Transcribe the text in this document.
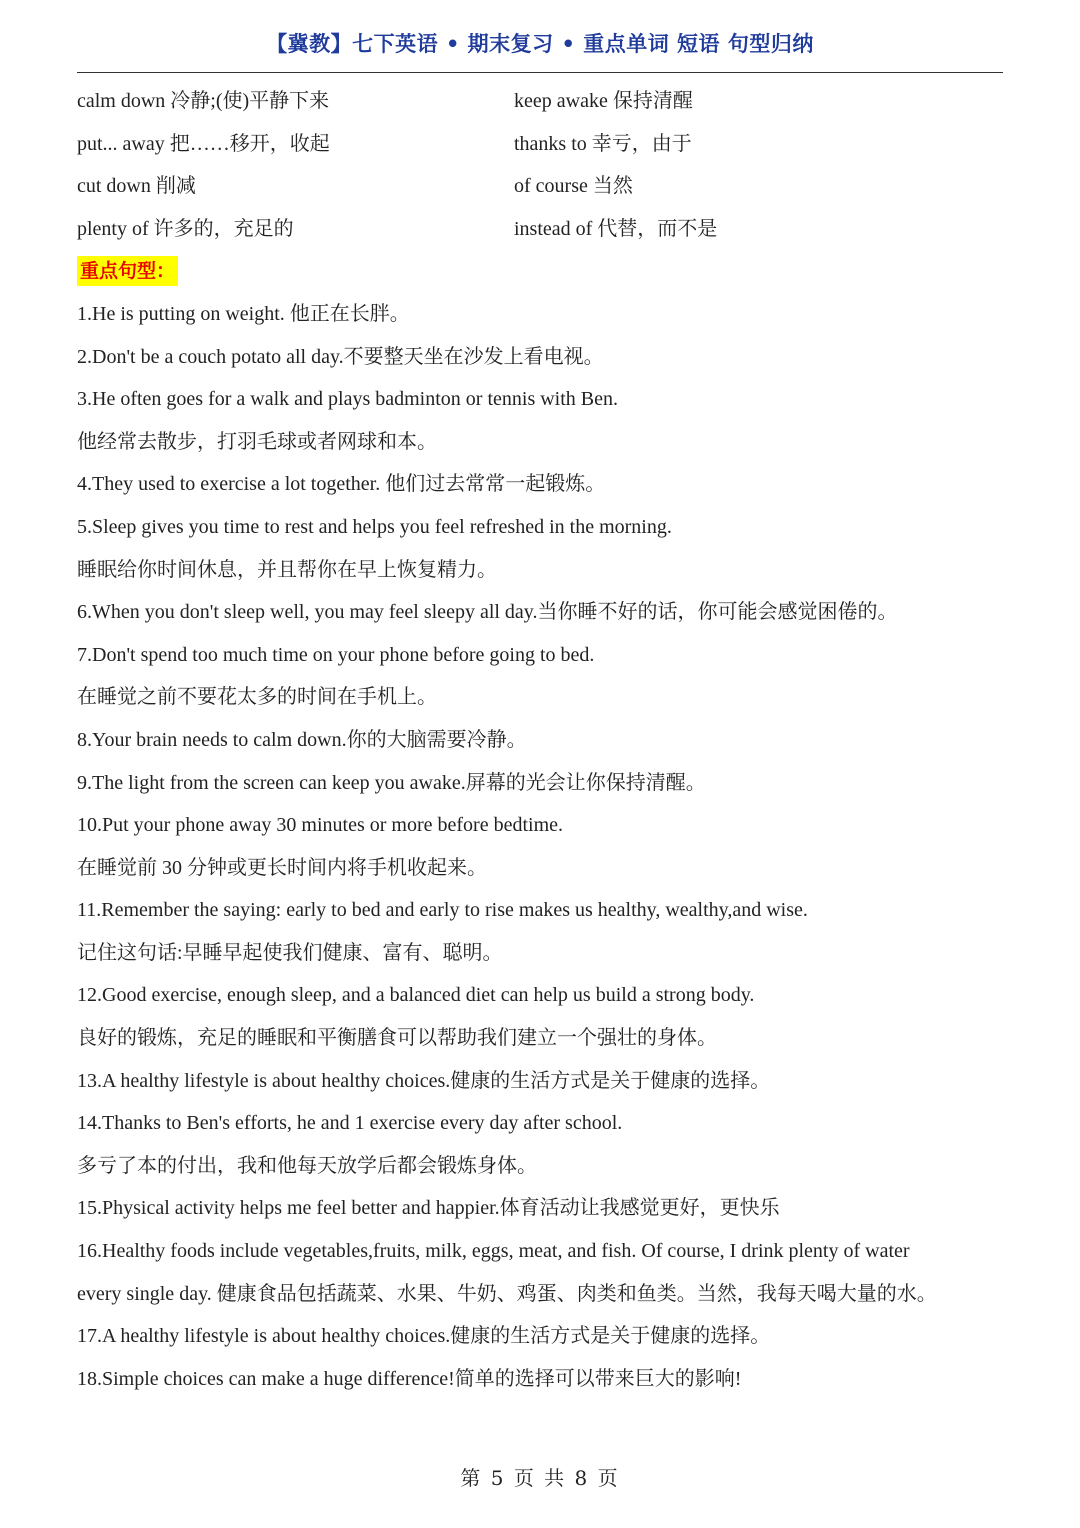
【冀教】七下英语 • 期末复习 • 重点单词 短语 句型归纳
calm down 冷静;(使)平静下来	keep awake 保持清醒
put... away 把……移开，收起	thanks to 幸亏，由于
cut down 削减	of course 当然
plenty of 许多的，充足的	instead of 代替，而不是
重点句型：
1.He is putting on weight. 他正在长胖。
2.Don't be a couch potato all day.不要整天坐在沙发上看电视。
3.He often goes for a walk and plays badminton or tennis with Ben.
他经常去散步，打羽毛球或者网球和本。
4.They used to exercise a lot together. 他们过去常常一起锻炼。
5.Sleep gives you time to rest and helps you feel refreshed in the morning.
睡眠给你时间休息，并且帮你在早上恢复精力。
6.When you don't sleep well, you may feel sleepy all day.当你睡不好的话，你可能会感觉困倦的。
7.Don't spend too much time on your phone before going to bed.
在睡觉之前不要花太多的时间在手机上。
8.Your brain needs to calm down.你的大脑需要冷静。
9.The light from the screen can keep you awake.屏幕的光会让你保持清醒。
10.Put your phone away 30 minutes or more before bedtime.
在睡觉前 30 分钟或更长时间内将手机收起来。
11.Remember the saying: early to bed and early to rise makes us healthy, wealthy,and wise.
记住这句话:早睡早起使我们健康、富有、聪明。
12.Good exercise, enough sleep, and a balanced diet can help us build a strong body.
良好的锻炼，充足的睡眠和平衡膳食可以帮助我们建立一个强壮的身体。
13.A healthy lifestyle is about healthy choices.健康的生活方式是关于健康的选择。
14.Thanks to Ben's efforts, he and 1 exercise every day after school.
多亏了本的付出，我和他每天放学后都会锻炼身体。
15.Physical activity helps me feel better and happier.体育活动让我感觉更好，更快乐
16.Healthy foods include vegetables,fruits, milk, eggs, meat, and fish. Of course, I drink plenty of water
every single day. 健康食品包括蔬菜、水果、牛奶、鸡蛋、肉类和鱼类。当然，我每天喝大量的水。
17.A healthy lifestyle is about healthy choices.健康的生活方式是关于健康的选择。
18.Simple choices can make a huge difference!简单的选择可以带来巨大的影响!
第 5 页 共 8 页
